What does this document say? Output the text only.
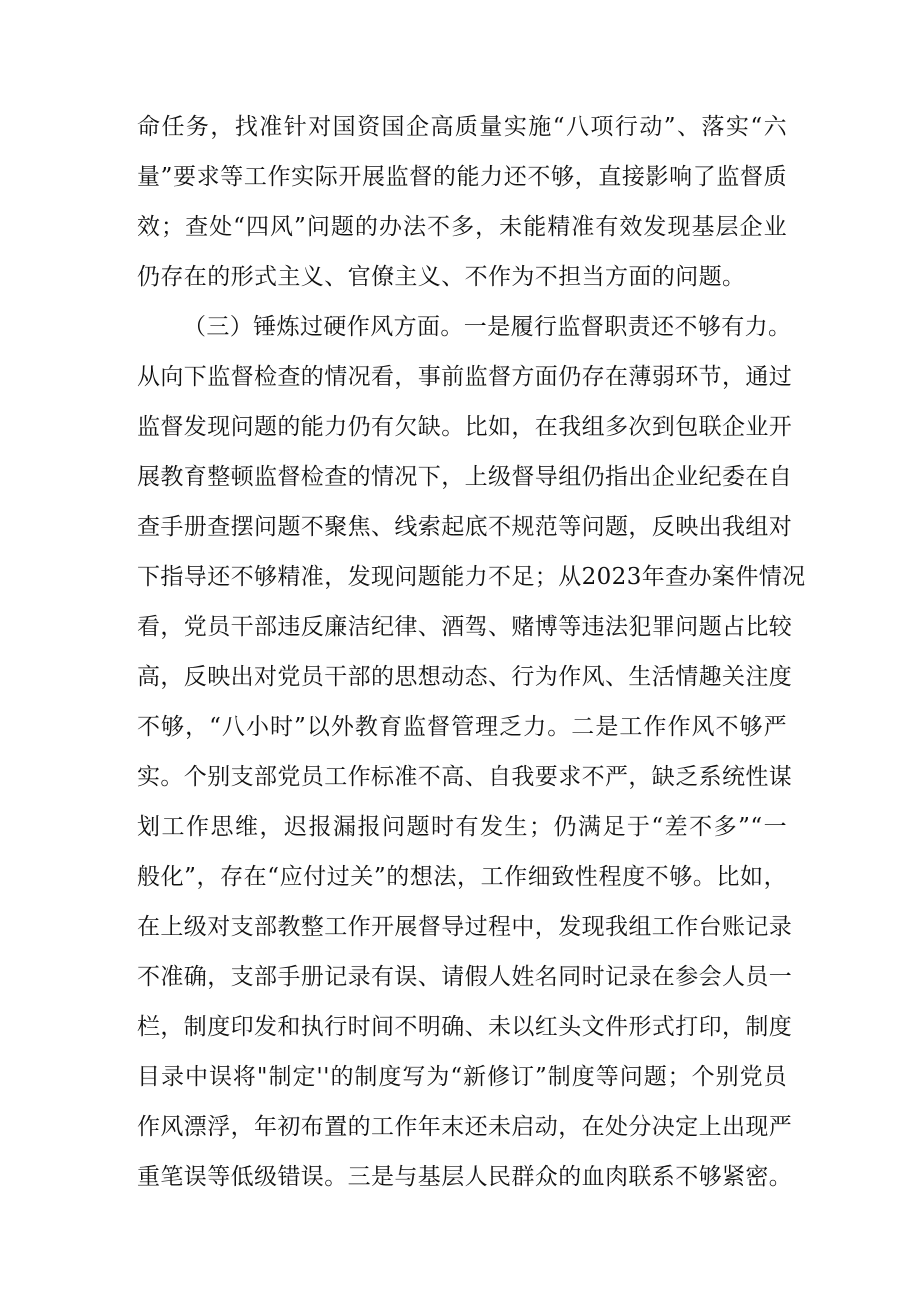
命任务，找准针对国资国企高质量实施“八项行动”、落实“六
量”要求等工作实际开展监督的能力还不够，直接影响了监督质
效；查处“四风”问题的办法不多，未能精准有效发现基层企业
仍存在的形式主义、官僚主义、不作为不担当方面的问题。
（三）锤炼过硬作风方面。一是履行监督职责还不够有力。
从向下监督检查的情况看，事前监督方面仍存在薄弱环节，通过
监督发现问题的能力仍有欠缺。比如，在我组多次到包联企业开
展教育整顿监督检查的情况下，上级督导组仍指出企业纪委在自
查手册查摆问题不聚焦、线索起底不规范等问题，反映出我组对
下指导还不够精准，发现问题能力不足；从2023年查办案件情况
看，党员干部违反廉洁纪律、酒驾、赌博等违法犯罪问题占比较
高，反映出对党员干部的思想动态、行为作风、生活情趣关注度
不够，“八小时”以外教育监督管理乏力。二是工作作风不够严
实。个别支部党员工作标准不高、自我要求不严，缺乏系统性谋
划工作思维，迟报漏报问题时有发生；仍满足于“差不多”“一
般化”，存在“应付过关”的想法，工作细致性程度不够。比如，
在上级对支部教整工作开展督导过程中，发现我组工作台账记录
不准确，支部手册记录有误、请假人姓名同时记录在参会人员一
栏，制度印发和执行时间不明确、未以红头文件形式打印，制度
目录中误将"制定''的制度写为“新修订”制度等问题；个别党员
作风漂浮，年初布置的工作年末还未启动，在处分决定上出现严
重笔误等低级错误。三是与基层人民群众的血肉联系不够紧密。
